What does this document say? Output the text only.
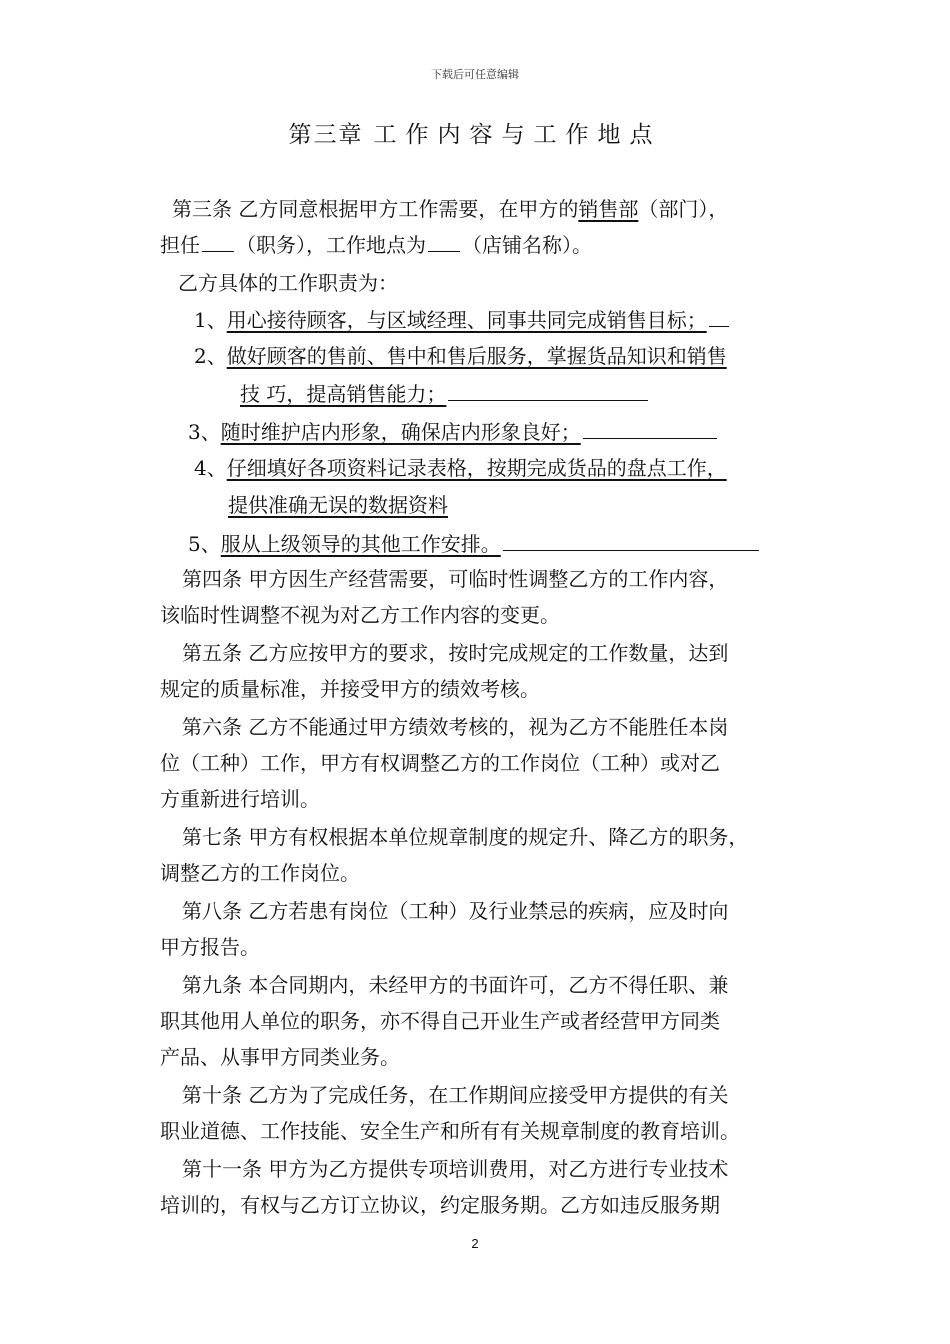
下载后可任意编辑
第三章 工作内容与工作地点
第三条 乙方同意根据甲方工作需要，在甲方的销售部（部门），
担任 （职务），工作地点为 （店铺名称）。
乙方具体的工作职责为：
1、用心接待顾客，与区域经理、同事共同完成销售目标；
2、做好顾客的售前、售中和售后服务，掌握货品知识和销售
技 巧，提高销售能力；
3、随时维护店内形象，确保店内形象良好；
4、仔细填好各项资料记录表格，按期完成货品的盘点工作，
提供准确无误的数据资料
5、服从上级领导的其他工作安排。
第四条 甲方因生产经营需要，可临时性调整乙方的工作内容，
该临时性调整不视为对乙方工作内容的变更。
第五条 乙方应按甲方的要求，按时完成规定的工作数量，达到
规定的质量标准，并接受甲方的绩效考核。
第六条 乙方不能通过甲方绩效考核的，视为乙方不能胜任本岗
位（工种）工作，甲方有权调整乙方的工作岗位（工种）或对乙
方重新进行培训。
第七条 甲方有权根据本单位规章制度的规定升、降乙方的职务，
调整乙方的工作岗位。
第八条 乙方若患有岗位（工种）及行业禁忌的疾病，应及时向
甲方报告。
第九条 本合同期内，未经甲方的书面许可，乙方不得任职、兼
职其他用人单位的职务，亦不得自己开业生产或者经营甲方同类
产品、从事甲方同类业务。
第十条 乙方为了完成任务，在工作期间应接受甲方提供的有关
职业道德、工作技能、安全生产和所有有关规章制度的教育培训。
第十一条 甲方为乙方提供专项培训费用，对乙方进行专业技术
培训的，有权与乙方订立协议，约定服务期。乙方如违反服务期
2
